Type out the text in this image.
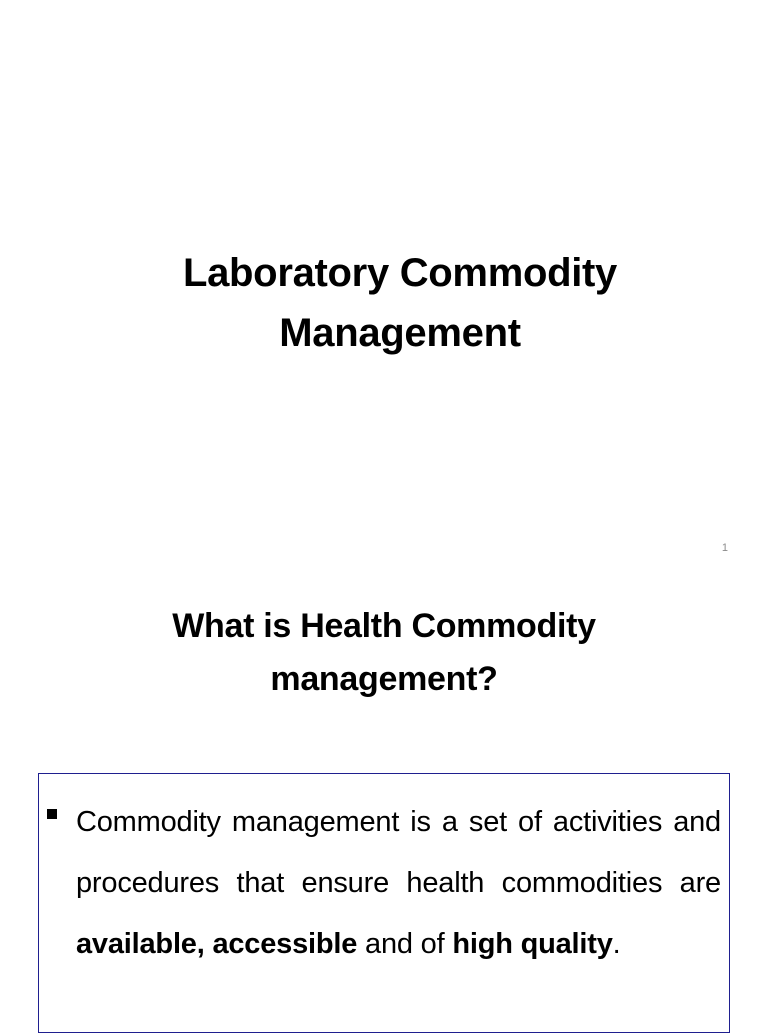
Laboratory Commodity
Management
1
What is Health Commodity
management?

Commodity management is a set of activities and procedures that ensure health commodities are available, accessible and of high quality.
